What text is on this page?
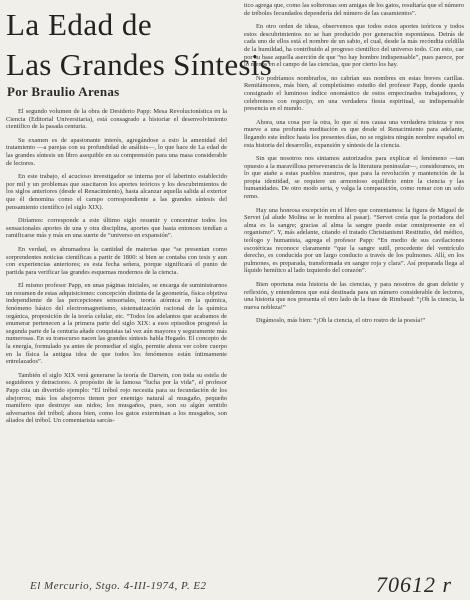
La Edad de
Las Grandes Síntesis
Por Braulio Arenas

El segundo volumen de la obra de Desiderio Papp: Mesa Revolucionística en la Ciencia (Editorial Universitaria), está consagrado a historiar el desenvolvimiento científico de la pasada centuria.

Su examen es de apasionante interés, agregándose a esto la amenidad del tratamiento —a parejas con su profundidad de análisis—, lo que hace de La edad de las grandes síntesis un libro asequible en su comprensión para una masa considerable de lectores.

En este trabajo, el acucioso investigador se interna por el laberinto establecido por mil y un problemas que suscitaron los aportes teóricos y los descubrimientos de los siglos anteriores (desde el Renacimiento), hasta alcanzar aquella salida al exterior que él denomina como el campo correspondiente a las grandes síntesis del pensamiento científico (el siglo XIX).

Diríamos: corresponde a este último siglo resumir y concentrar todos los sensacionales aportes de una y otra disciplina, aportes que hasta entonces tendían a ramificarse más y más en una suerte de “universo en expansión”.

En verdad, es abrumadora la cantidad de materias que “se presentan como sorprendentes noticias científicas a partir de 1800: si bien se contaba con tesis y aun con experiencias anteriores; es esta fecha señera, porque significará el punto de partida para verificar las grandes esquemas modernos de la ciencia.

El mismo profesor Papp, en unas páginas iniciales, se encarga de suministrarnos un resumen de estas adquisiciones: concepción distinta de la geometría, física objetiva independiente de las percepciones sensoriales, teoría atómica en la química, fenómeno básico del electromagnetismo, sistematización racional de la química orgánica, proposición de la teoría celular, etc. “Todos los adelantos que acabamos de enumerar pertenecen a la primera parte del siglo XIX: a esos episodios progresó la segunda parte de la centuria añade conquistas tal vez aún mayores y seguramente más numerosas. En su transcurso nacen las grandes síntesis habla Hegado. El concepto de la energía, formulado ya antes de promediar el siglo, permite ahora ver cobre cuerpo en la física la antigua idea de que todos los fenómenos están íntimamente entrelazados”.

También el siglo XIX verá generarse la teoría de Darwin, con toda su estela de seguidores y detractores. A propósito de la famosa “lucha por la vida”, el profesor Papp cita un divertido ejemplo: “El trébol rojo necesita para su fecundación de los abejorros; más los abejorros tienen por enemigo natural al musgaño, pequeño mamífero que destruye sus nidos; los musgaños, pues, son su algún sentido adversarios del trébol; ahora bien, como los gatos exterminan a los musgaños, son aliados del trébol. Un comentarista sarcás-

tico agrega que, como las solteronas son amigas de los gatos, resultaría que el número de tréboles fecundados dependería del número de las casamientos”.

En otro orden de ideas, observemos que todos estos aportes teóricos y todos estos descubrimientos no se han producido por generación espontánea. Detrás de cada uno de ellos está el nombre de un sabio, el cual, desde la más recóndita celdilla de la humildad, ha contribuido al progreso científico del universo todo. Con esto, cae por su base aquella aserción de que “no hay hombre indispensable”, pues parece, por lo menos en el campo de las ciencias, que por cierto los hay.

No podríamos nombrarlos, no cabrían sus nombres en estas breves carillas. Remitámonos, más bien, al completísimo estudio del profesor Papp, donde queda consignado el luminoso índice onomástico de estos empecinados trabajadores, y celebremos con regocijo, en una verdadera fiesta espiritual, su indispensable presencia en el mundo.

Ahora, una cosa por la otra, lo que sí nos causa una verdadera tristeza y nos mueve a una profunda meditación es que desde el Renacimiento para adelante, llegando este índice hasta los presentes días, no se registra ningún nombre español en esta historia del desarrollo, expansión y síntesis de la ciencia.

Sin que nosotros nos sintamos autorizados para explicar el fenómeno —tan opuesto a la maravillosa perseverancia de la literatura peninsular—, consideramos, en lo que atañe a estas pueblos nuestros, que para la revolución y mantención de la propia identidad, se requiere un armonioso equilibrio entre la ciencia y las humanidades. De otro modo seria, y valga la comparación, como remar con un solo remo.

Hay una honrosa excepción en el libro que comentamos: la figura de Miguel de Servet (al alude Molina se le nombra al pasar). “Servet creía que la portadora del alma es la sangre; gracias al alma la sangre puede estar omnipresente en el organismo”. Y, más adelante, citando el tratado Christianismi Restitutio, del médico, teólogo y humanista, agrega el profesor Papp: “En medio de sus cavilaciones escotéricas reconoce claramente “que la sangre sutil, procedente del ventrículo derecho, es conducida por un largo conducto a través de los pulmones. Allí, en los pulmones, es preparada, transformada en sangre roja y clara”. Así preparada llega al líquido hemítico al lado izquierdo del corazón”.

Bien oportuna esta historia de las ciencias, y para nosotros de gran deleite y reflexión, y entendemos que está destinada para un número considerable de lectores, una historia que nos presenta el otro lado de la frase de Rimbaud: “¡Oh la ciencia, la nueva nobleza!”

Digámoslo, más bien: “¡Oh la ciencia, el otro rostro de la poesía!”

El Mercurio, Stgo. 4-III-1974, P. E2	70612 r
